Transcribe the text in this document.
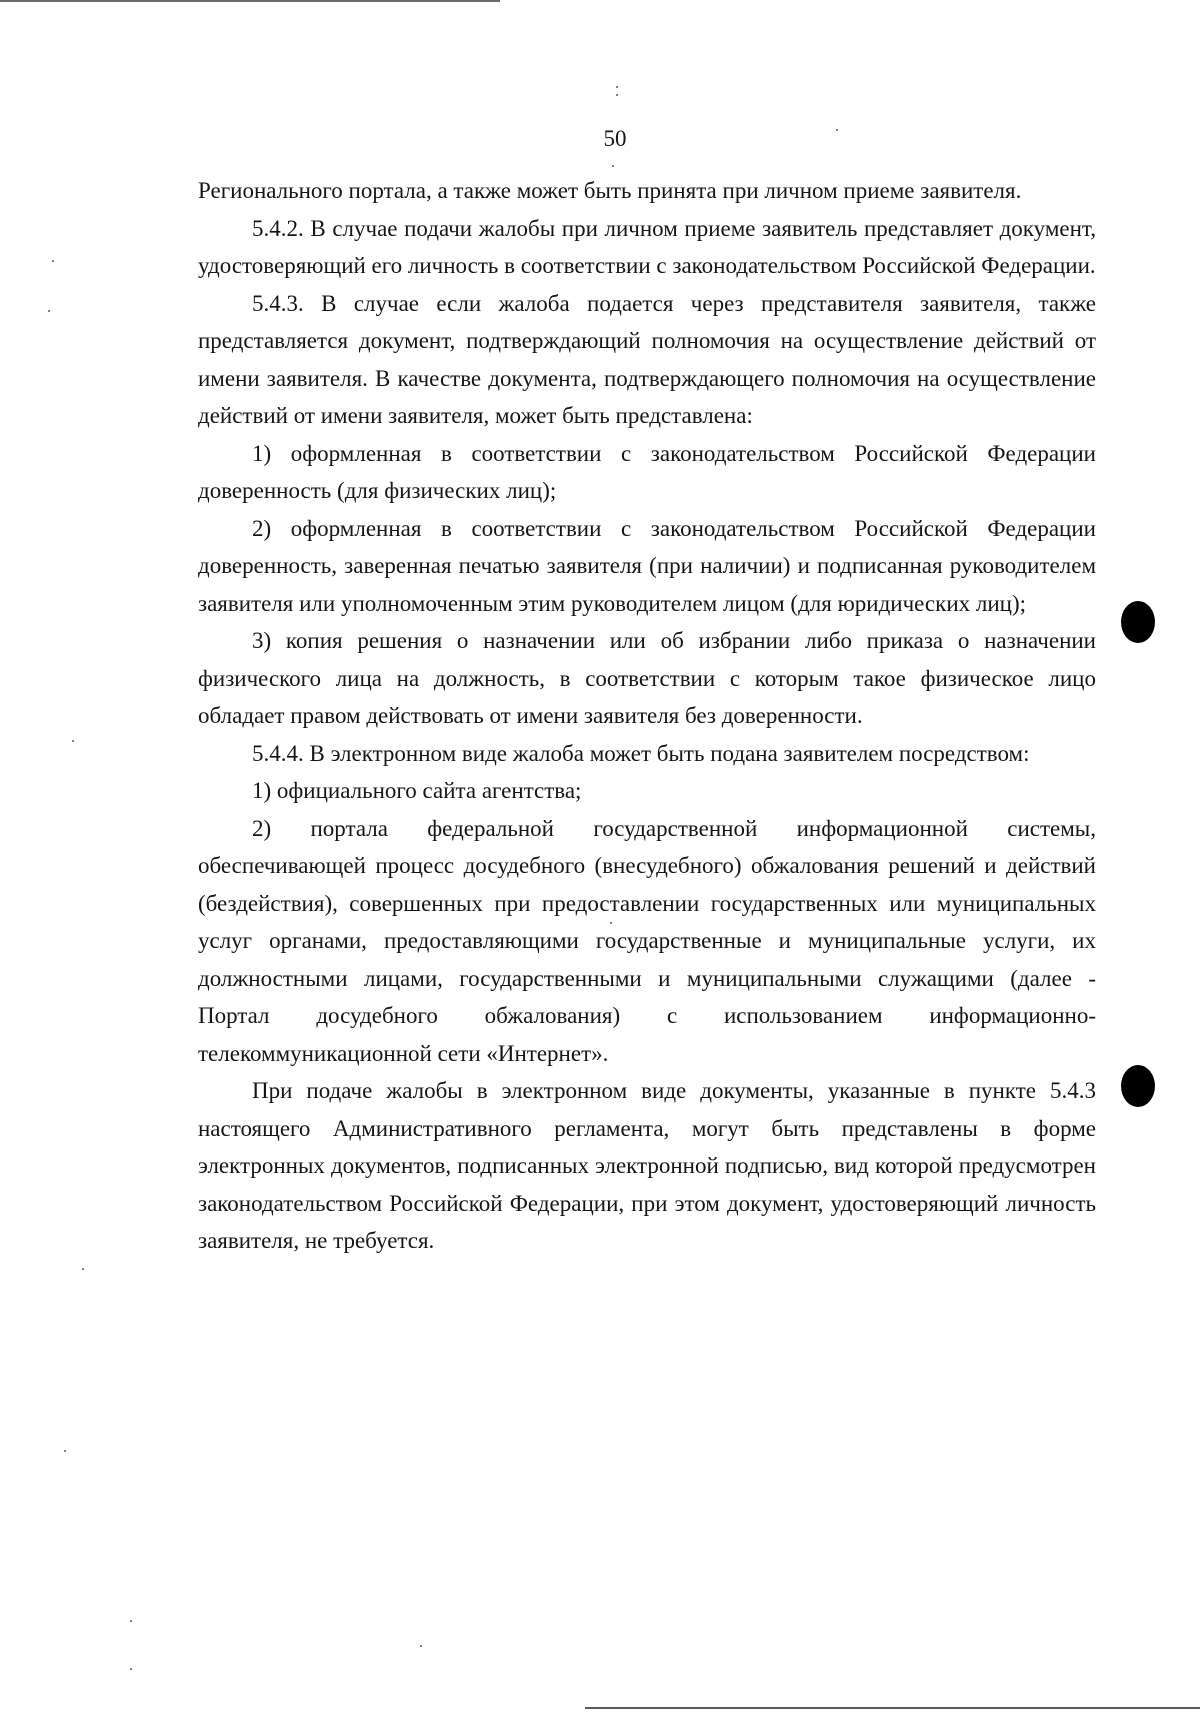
50

Регионального портала, а также может быть принята при личном приеме заявителя.

5.4.2. В случае подачи жалобы при личном приеме заявитель представляет документ, удостоверяющий его личность в соответствии с законодательством Российской Федерации.

5.4.3. В случае если жалоба подается через представителя заявителя, также представляется документ, подтверждающий полномочия на осуществление действий от имени заявителя. В качестве документа, подтверждающего полномочия на осуществление действий от имени заявителя, может быть представлена:

1) оформленная в соответствии с законодательством Российской Федерации доверенность (для физических лиц);

2) оформленная в соответствии с законодательством Российской Федерации доверенность, заверенная печатью заявителя (при наличии) и подписанная руководителем заявителя или уполномоченным этим руководителем лицом (для юридических лиц);

3) копия решения о назначении или об избрании либо приказа о назначении физического лица на должность, в соответствии с которым такое физическое лицо обладает правом действовать от имени заявителя без доверенности.

5.4.4. В электронном виде жалоба может быть подана заявителем посредством:

1) официального сайта агентства;

2) портала федеральной государственной информационной системы, обеспечивающей процесс досудебного (внесудебного) обжалования решений и действий (бездействия), совершенных при предоставлении государственных или муниципальных услуг органами, предоставляющими государственные и муниципальные услуги, их должностными лицами, государственными и муниципальными служащими (далее - Портал досудебного обжалования) с использованием информационно-телекоммуникационной сети «Интернет».

При подаче жалобы в электронном виде документы, указанные в пункте 5.4.3 настоящего Административного регламента, могут быть представлены в форме электронных документов, подписанных электронной подписью, вид которой предусмотрен законодательством Российской Федерации, при этом документ, удостоверяющий личность заявителя, не требуется.
